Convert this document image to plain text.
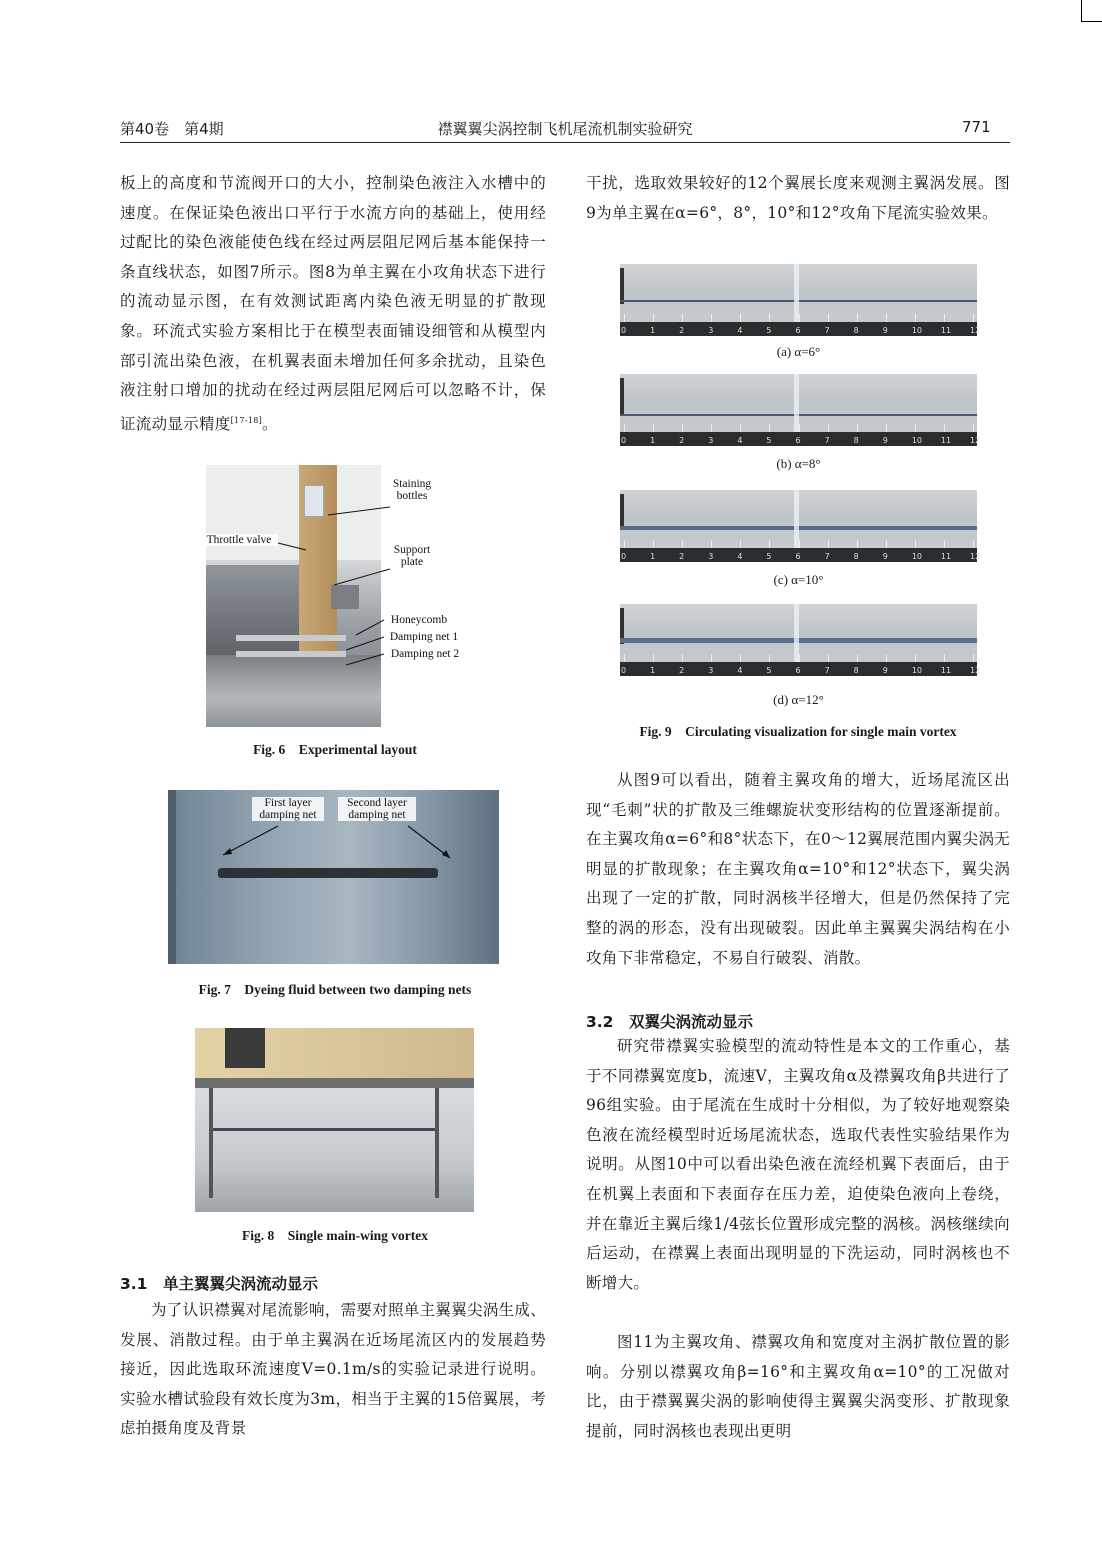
第40卷　第4期	襟翼翼尖涡控制飞机尾流机制实验研究	771

板上的高度和节流阀开口的大小，控制染色液注入水槽中的速度。在保证染色液出口平行于水流方向的基础上，使用经过配比的染色液能使色线在经过两层阻尼网后基本能保持一条直线状态，如图7所示。图8为单主翼在小攻角状态下进行的流动显示图，在有效测试距离内染色液无明显的扩散现象。环流式实验方案相比于在模型表面铺设细管和从模型内部引流出染色液，在机翼表面未增加任何多余扰动，且染色液注射口增加的扰动在经过两层阻尼网后可以忽略不计，保证流动显示精度[17-18]。

Staining
bottles
Throttle valve
Support
plate
Honeycomb
Damping net 1
Damping net 2
Fig. 6　Experimental layout
First layer
damping net
Second layer
damping net
Fig. 7　Dyeing fluid between two damping nets
Fig. 8　Single main-wing vortex
3.1　单主翼翼尖涡流动显示

为了认识襟翼对尾流影响，需要对照单主翼翼尖涡生成、发展、消散过程。由于单主翼涡在近场尾流区内的发展趋势接近，因此选取环流速度V=0.1m/s的实验记录进行说明。实验水槽试验段有效长度为3m，相当于主翼的15倍翼展，考虑拍摄角度及背景

干扰，选取效果较好的12个翼展长度来观测主翼涡发展。图9为单主翼在α=6°，8°，10°和12°攻角下尾流实验效果。

0	1	2	3	4	5	6	7	8	9	10 11 12
(a) α=6°
0	1	2	3	4	5	6	7	8	9	10 11 12
(b) α=8°
0	1	2	3	4	5	6	7	8	9	10 11 12
(c) α=10°
0	1	2	3	4	5	6	7	8	9	10 11 12
(d) α=12°
Fig. 9　Circulating visualization for single main vortex

从图9可以看出，随着主翼攻角的增大，近场尾流区出现“毛刺”状的扩散及三维螺旋状变形结构的位置逐渐提前。在主翼攻角α=6°和8°状态下，在0～12翼展范围内翼尖涡无明显的扩散现象；在主翼攻角α=10°和12°状态下，翼尖涡出现了一定的扩散，同时涡核半径增大，但是仍然保持了完整的涡的形态，没有出现破裂。因此单主翼翼尖涡结构在小攻角下非常稳定，不易自行破裂、消散。

3.2　双翼尖涡流动显示

研究带襟翼实验模型的流动特性是本文的工作重心，基于不同襟翼宽度b，流速V，主翼攻角α及襟翼攻角β共进行了96组实验。由于尾流在生成时十分相似，为了较好地观察染色液在流经模型时近场尾流状态，选取代表性实验结果作为说明。从图10中可以看出染色液在流经机翼下表面后，由于在机翼上表面和下表面存在压力差，迫使染色液向上卷绕，并在靠近主翼后缘1/4弦长位置形成完整的涡核。涡核继续向后运动，在襟翼上表面出现明显的下洗运动，同时涡核也不断增大。

图11为主翼攻角、襟翼攻角和宽度对主涡扩散位置的影响。分别以襟翼攻角β=16°和主翼攻角α=10°的工况做对比，由于襟翼翼尖涡的影响使得主翼翼尖涡变形、扩散现象提前，同时涡核也表现出更明
